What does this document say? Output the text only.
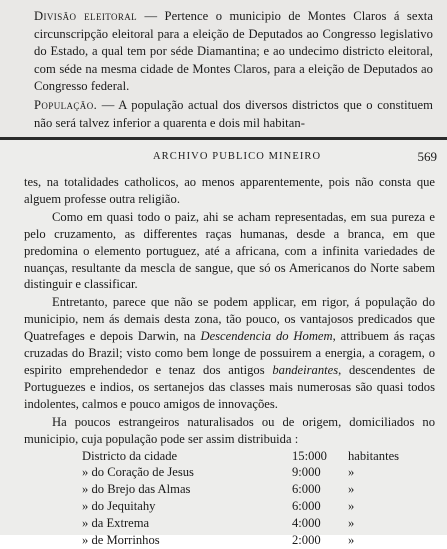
Divisão eleitoral — Pertence o municipio de Montes Claros á sexta circunscripção eleitoral para a eleição de Deputados ao Congresso legislativo do Estado, a qual tem por séde Diamantina; e ao undecimo districto eleitoral, com séde na mesma cidade de Montes Claros, para a eleição de Deputados ao Congresso federal.

População. — A população actual dos diversos districtos que o constituem não será talvez inferior a quarenta e dois mil habitan-

ARCHIVO PUBLICO MINEIRO	569

tes, na totalidades catholicos, ao menos apparentemente, pois não consta que alguem professe outra religião.

Como em quasi todo o paiz, ahi se acham representadas, em sua pureza e pelo cruzamento, as differentes raças humanas, desde a branca, em que predomina o elemento portuguez, até a africana, com a infinita variedades de nuanças, resultante da mescla de sangue, que só os Americanos do Norte sabem distinguir e classificar.

Entretanto, parece que não se podem applicar, em rigor, á população do municipio, nem ás demais desta zona, tão pouco, os vantajosos predicados que Quatrefages e depois Darwin, na Descendencia do Homem, attribuem ás raças cruzadas do Brazil; visto como bem longe de possuirem a energia, a coragem, o espirito emprehendedor e tenaz dos antigos bandeirantes, descendentes de Portuguezes e indios, os sertanejos das classes mais numerosas são quasi todos indolentes, calmos e pouco amigos de innovações.

Ha poucos estrangeiros naturalisados ou de origem, domiciliados no municipio, cuja população pode ser assim distribuida :

Districto da cidade	15:000	habitantes
» do Coração de Jesus	9:000	»
» do Brejo das Almas	6:000	»
» do Jequitahy	6:000	»
» da Extrema	4:000	»
» de Morrinhos	2:000	»
